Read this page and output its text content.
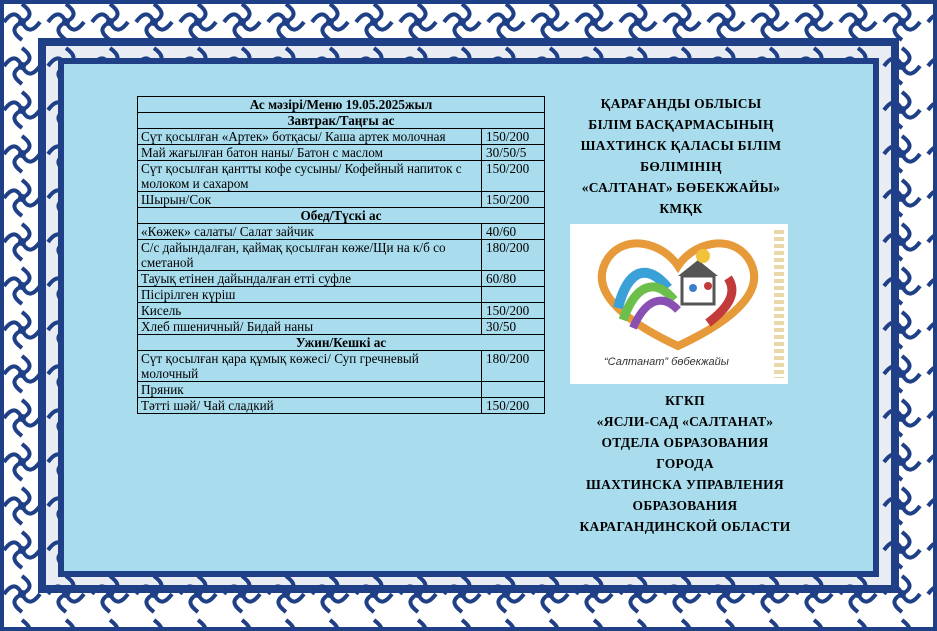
Ас мәзірі/Меню 19.05.2025жыл	
Завтрак/Таңғы ас	
Сүт қосылған «Артек» ботқасы/ Каша артек молочная	150/200
Май жағылған батон наны/ Батон с маслом	30/50/5
Сүт қосылған қантты кофе сусыны/ Кофейный напиток с молоком и сахаром	150/200
Шырын/Сок	150/200
Обед/Түскі ас	
«Көжек» салаты/ Салат зайчик	40/60
С/с дайындалған, қаймақ қосылған көже/Щи на к/б со сметаной	180/200
Тауық етінен дайындалған етті суфле	60/80
Пісірілген күріш	
Кисель	150/200
Хлеб пшеничный/ Бидай наны	30/50
Ужин/Кешкі ас	
Сүт қосылған қара құмық көжесі/ Суп гречневый молочный	180/200
Пряник	
Тәтті шәй/ Чай сладкий	150/200
ҚАРАҒАНДЫ ОБЛЫСЫ
БІЛІМ БАСҚАРМАСЫНЫҢ
ШАХТИНСК ҚАЛАСЫ БІЛІМ
БӨЛІМІНІҢ
«САЛТАНАТ» БӨБЕКЖАЙЫ»
КМҚК
“Салтанат” бөбекжайы
КГКП
«ЯСЛИ-САД «САЛТАНАТ»
ОТДЕЛА ОБРАЗОВАНИЯ
ГОРОДА
ШАХТИНСКА УПРАВЛЕНИЯ
ОБРАЗОВАНИЯ
КАРАГАНДИНСКОЙ ОБЛАСТИ
